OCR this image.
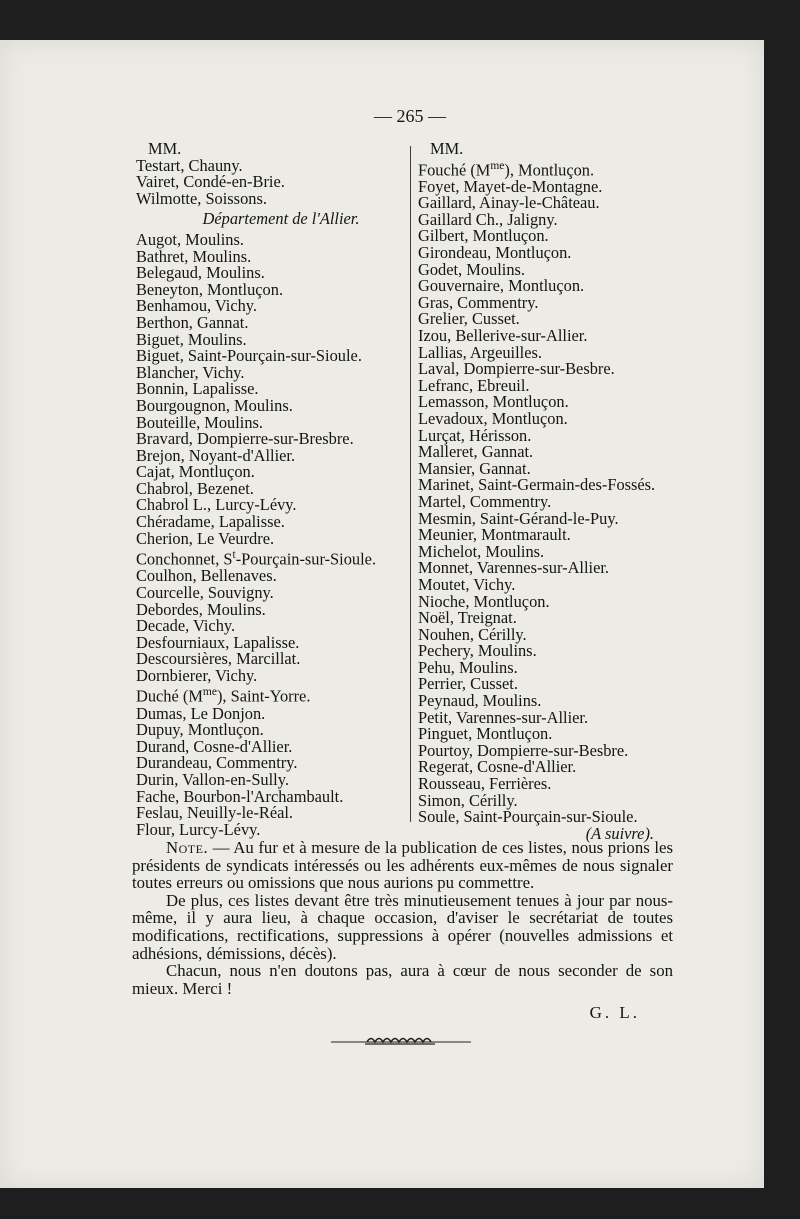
— 265 —
MM.
Testart, Chauny.
Vairet, Condé-en-Brie.
Wilmotte, Soissons.
Département de l'Allier.
Augot, Moulins.
Bathret, Moulins.
Belegaud, Moulins.
Beneyton, Montluçon.
Benhamou, Vichy.
Berthon, Gannat.
Biguet, Moulins.
Biguet, Saint-Pourçain-sur-Sioule.
Blancher, Vichy.
Bonnin, Lapalisse.
Bourgougnon, Moulins.
Bouteille, Moulins.
Bravard, Dompierre-sur-Bresbre.
Brejon, Noyant-d'Allier.
Cajat, Montluçon.
Chabrol, Bezenet.
Chabrol L., Lurcy-Lévy.
Chéradame, Lapalisse.
Cherion, Le Veurdre.
Conchonnet, $S^t-Pourçain-sur$-Sioule.
Coulhon, Bellenaves.
Courcelle, Souvigny.
Debordes, Moulins.
Decade, Vichy.
Desfourniaux, Lapalisse.
Descoursières, Marcillat.
Dornbierer, Vichy.
Duché $(M^{me})$, Saint-Yorre.
Dumas, Le Donjon.
Dupuy, Montluçon.
Durand, Cosne-d'Allier.
Durandeau, Commentry.
Durin, Vallon-en-Sully.
Fache, Bourbon-l'Archambault.
Feslau, Neuilly-le-Réal.
Flour, Lurcy-Lévy.
MM.
Fouché $(M^{me})$, Montluçon.
Foyet, Mayet-de-Montagne.
Gaillard, Ainay-le-Château.
Gaillard Ch., Jaligny.
Gilbert, Montluçon.
Girondeau, Montluçon.
Godet, Moulins.
Gouvernaire, Montluçon.
Gras, Commentry.
Grelier, Cusset.
Izou, Bellerive-sur-Allier.
Lallias, Argeuilles.
Laval, Dompierre-sur-Besbre.
Lefranc, Ebreuil.
Lemasson, Montluçon.
Levadoux, Montluçon.
Lurçat, Hérisson.
Malleret, Gannat.
Mansier, Gannat.
Marinet, Saint-Germain-des-Fossés.
Martel, Commentry.
Mesmin, Saint-Gérand-le-Puy.
Meunier, Montmarault.
Michelot, Moulins.
Monnet, Varennes-sur-Allier.
Moutet, Vichy.
Nioche, Montluçon.
Noël, Treignat.
Nouhen, Cérilly.
Pechery, Moulins.
Pehu, Moulins.
Perrier, Cusset.
Peynaud, Moulins.
Petit, Varennes-sur-Allier.
Pinguet, Montluçon.
Pourtoy, Dompierre-sur-Besbre.
Regerat, Cosne-d'Allier.
Rousseau, Ferrières.
Simon, Cérilly.
Soule, Saint-Pourçain-sur-Sioule.
(A suivre).

Note. — Au fur et à mesure de la publication de ces listes, nous prions les présidents de syndicats intéressés ou les adhérents eux-mêmes de nous signaler toutes erreurs ou omissions que nous aurions pu commettre.

De plus, ces listes devant être très minutieusement tenues à jour par nous-même, il y aura lieu, à chaque occasion, d'aviser le secrétariat de toutes modifications, rectifications, suppressions à opérer (nouvelles admissions et adhésions, démissions, décès).

Chacun, nous n'en doutons pas, aura à cœur de nous seconder de son mieux. Merci !

G. L.
